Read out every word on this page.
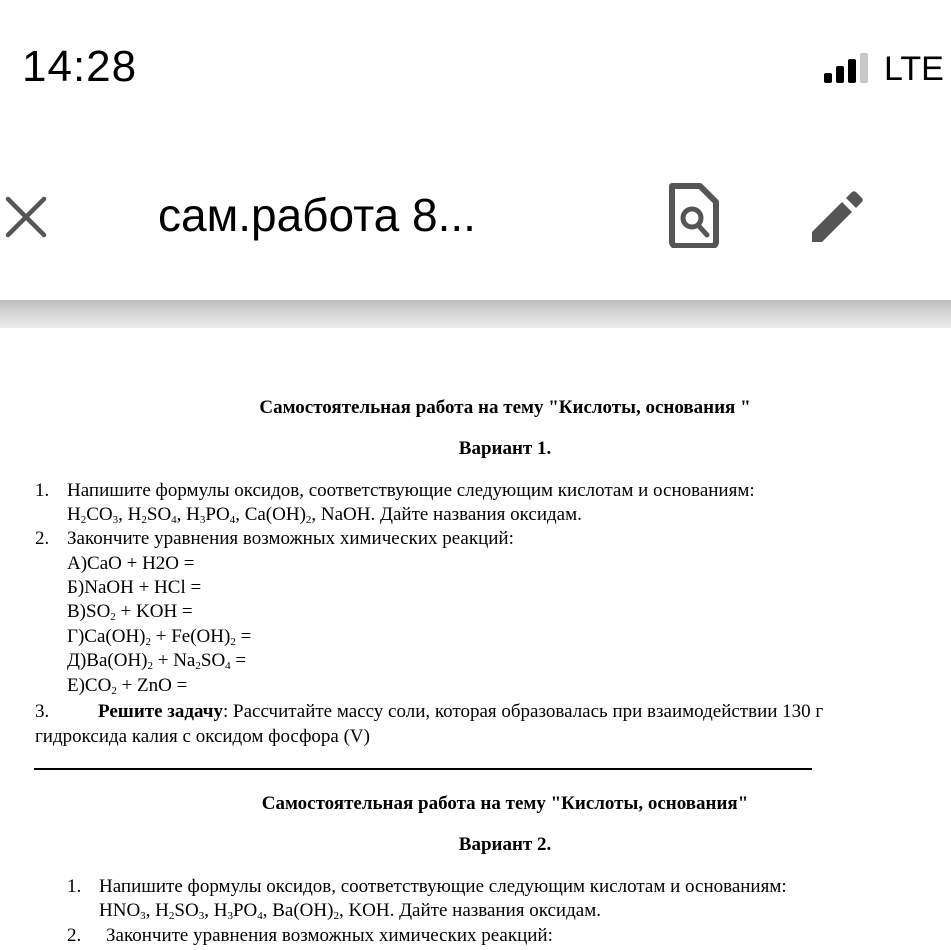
14:28	LTE
сам.работа 8...
Самостоятельная работа на тему "Кислоты, основания "
Вариант 1.
1. Напишите формулы оксидов, соответствующие следующим кислотам и основаниям:
$H_2CO_3$, $H_2SO_4$, $H_3PO_4$, $Ca(OH)_2$, NaOH. Дайте названия оксидам.
2. Закончите уравнения возможных химических реакций:
А)CaO + H2O =
Б)NaOH + HCl =
$В)SO_2$ + KOH =
$Г)Ca(OH)_2 + Fe(OH)_2$ =
$Д)Ba(OH)_2 + Na_2SO_4$ =
$Е)CO_2$ + ZnO =
3.	Решите задачу: Рассчитайте массу соли, которая образовалась при взаимодействии 130 г
гидроксида калия с оксидом фосфора (V)
Самостоятельная работа на тему "Кислоты, основания"
Вариант 2.
1. Напишите формулы оксидов, соответствующие следующим кислотам и основаниям:
$HNO_3$, $H_2SO_3$, $H_3PO_4$, $Ba(OH)_2$, KOH. Дайте названия оксидам.
2. Закончите уравнения возможных химических реакций:
